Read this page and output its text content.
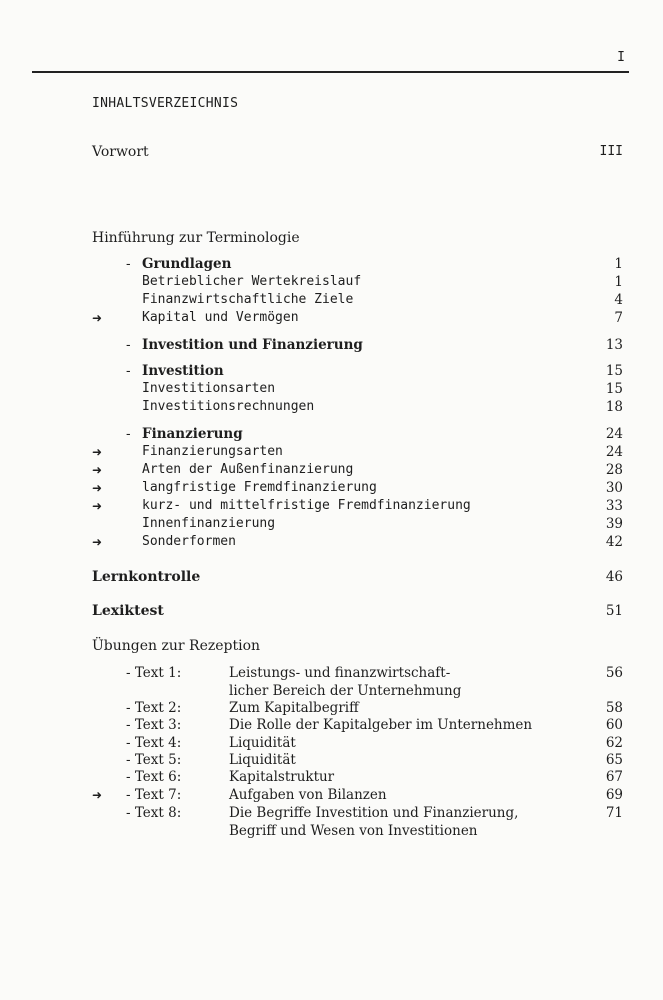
I
INHALTSVERZEICHNIS
Vorwort	III
Hinführung zur Terminologie
- Grundlagen	1
Betrieblicher Wertekreislauf	1
Finanzwirtschaftliche Ziele	4
➜	Kapital und Vermögen	7
- Investition und Finanzierung	13
- Investition	15
Investitionsarten	15
Investitionsrechnungen	18
- Finanzierung	24
➜	Finanzierungsarten	24
➜	Arten der Außenfinanzierung	28
➜	langfristige Fremdfinanzierung	30
➜	kurz- und mittelfristige Fremdfinanzierung	33
Innenfinanzierung	39
➜	Sonderformen	42
Lernkontrolle	46
Lexiktest	51
Übungen zur Rezeption
- Text 1:	Leistungs- und finanzwirtschaft-	56
licher Bereich der Unternehmung
- Text 2:	Zum Kapitalbegriff	58
- Text 3:	Die Rolle der Kapitalgeber im Unternehmen	60
- Text 4:	Liquidität	62
- Text 5:	Liquidität	65
- Text 6:	Kapitalstruktur	67
➜ - Text 7:	Aufgaben von Bilanzen	69
- Text 8:	Die Begriffe Investition und Finanzierung,	71
Begriff und Wesen von Investitionen
